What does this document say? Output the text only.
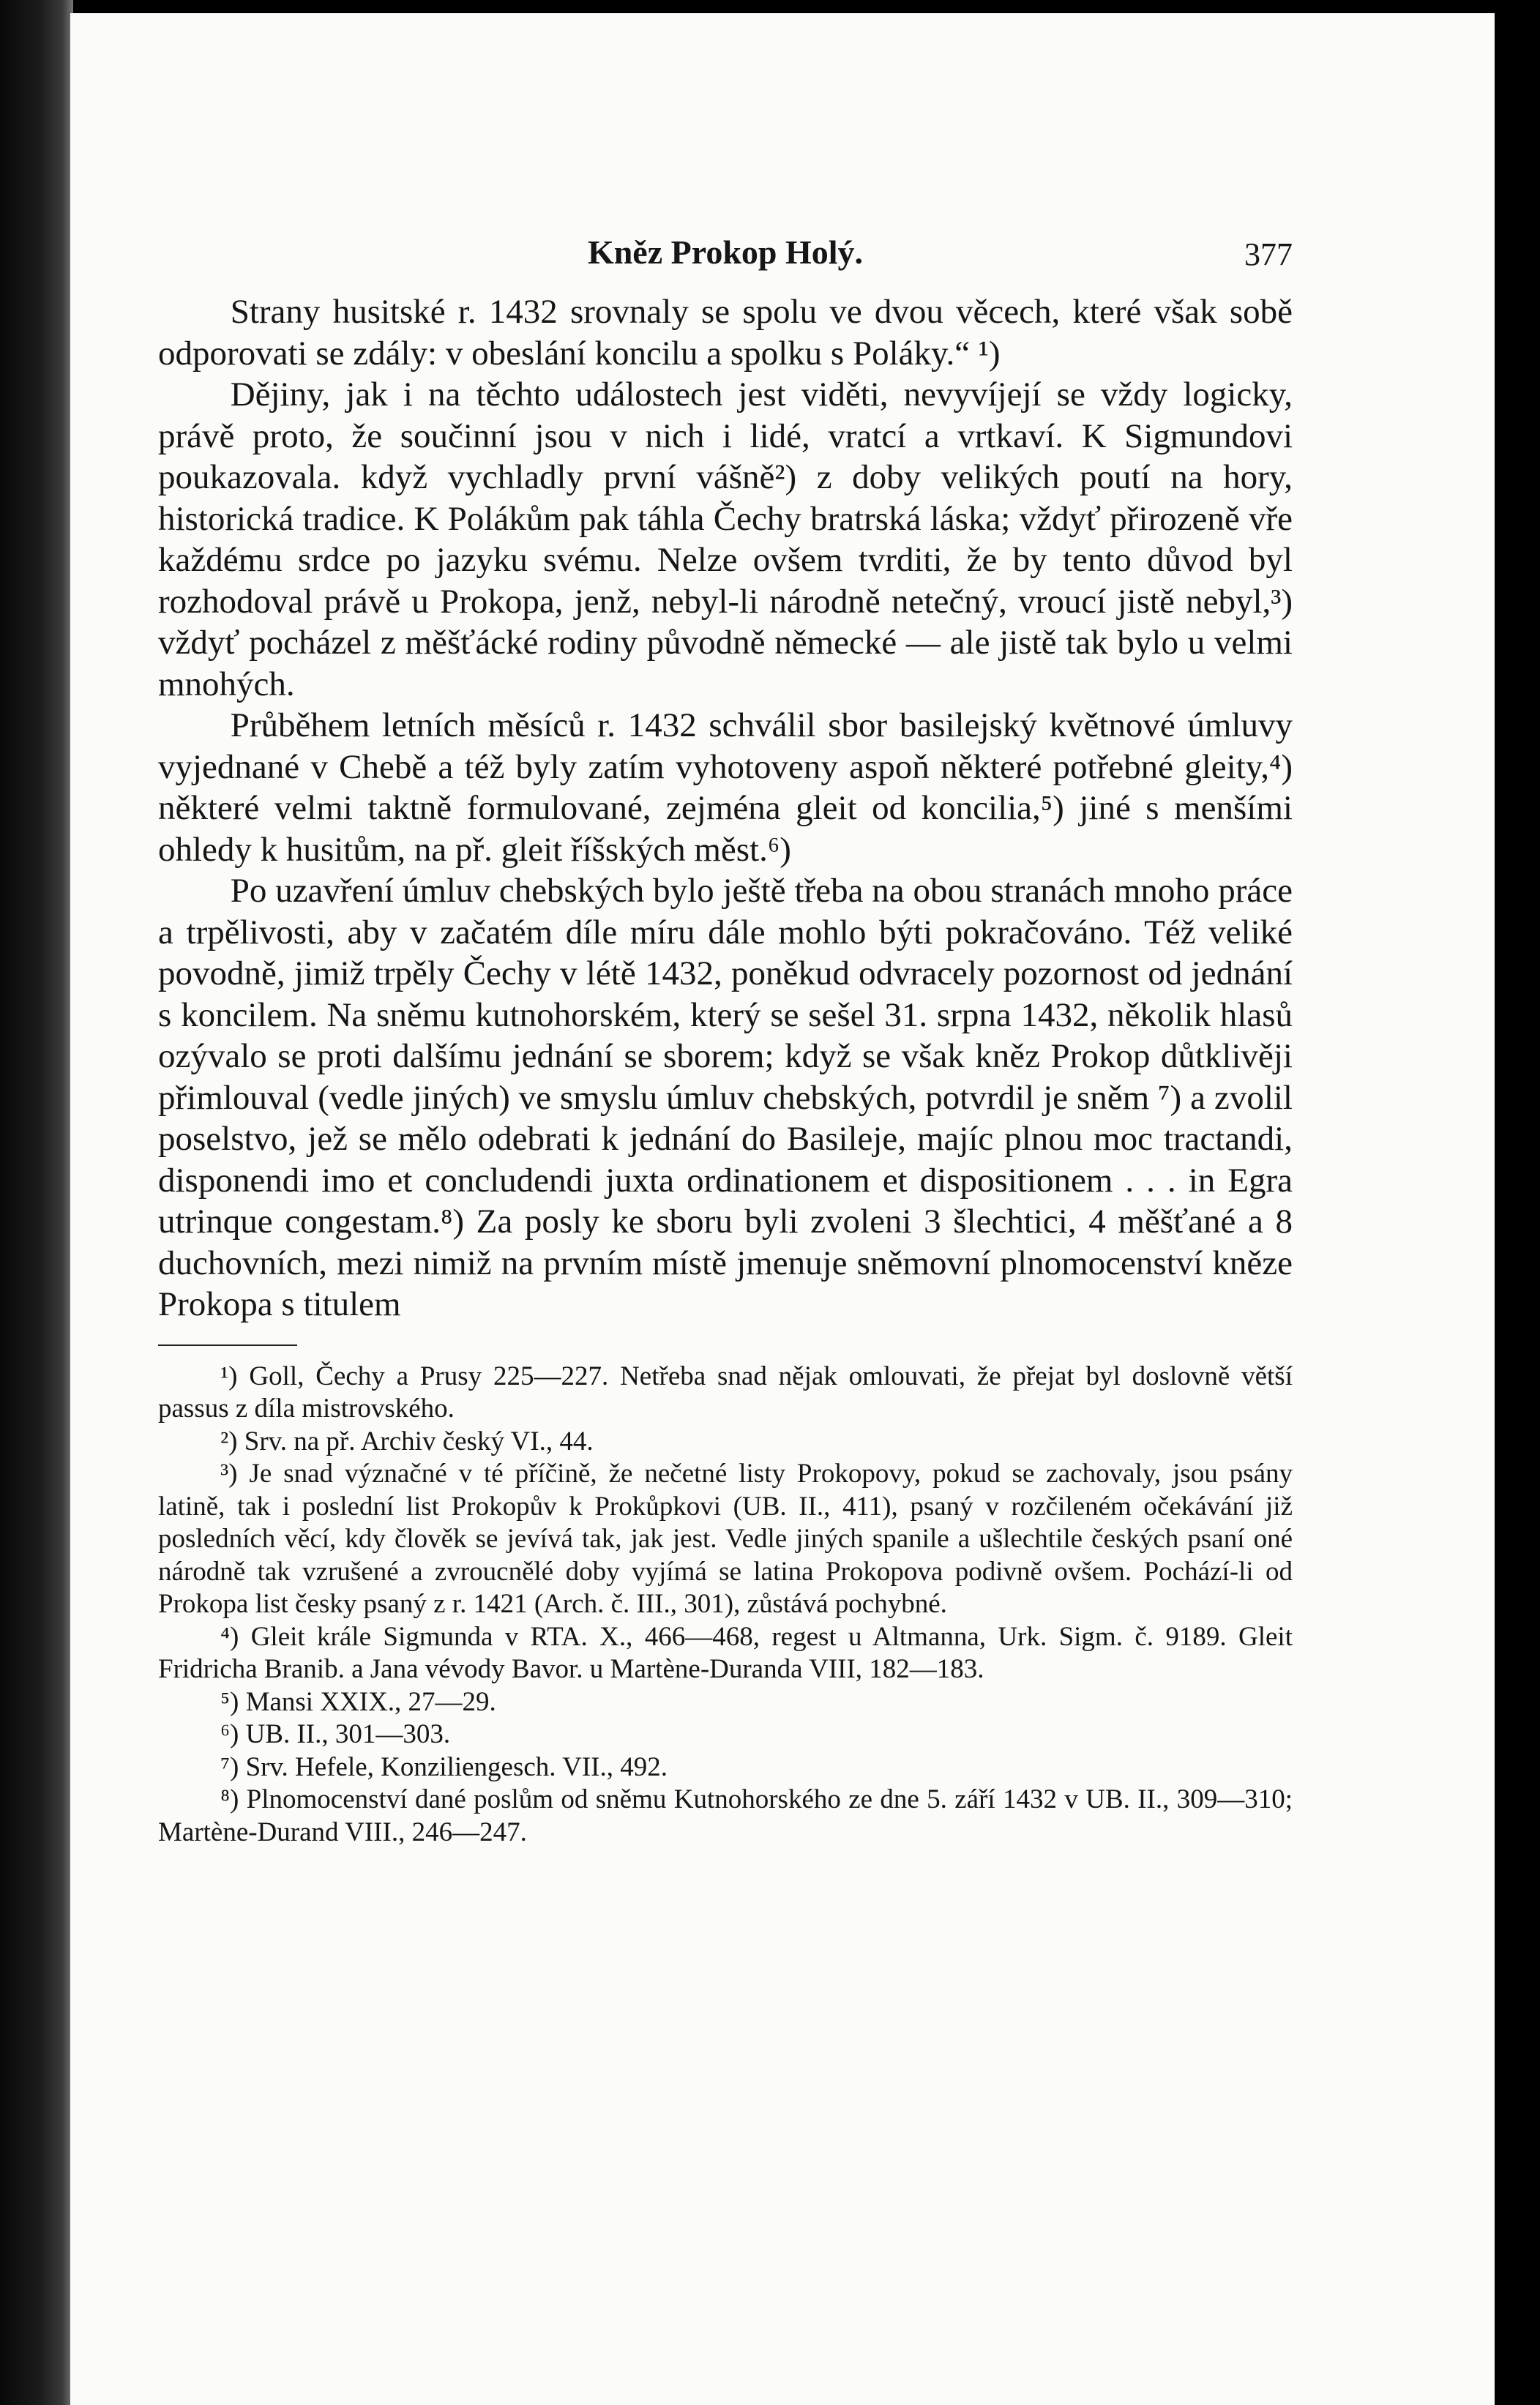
Kněz Prokop Holý.	377

Strany husitské r. 1432 srovnaly se spolu ve dvou věcech, které však sobě odporovati se zdály: v obeslání koncilu a spolku s Poláky.“ ¹)

Dějiny, jak i na těchto událostech jest viděti, nevyvíjejí se vždy logicky, právě proto, že součinní jsou v nich i lidé, vratcí a vrtkaví. K Sigmundovi poukazovala. když vychladly první vášně²) z doby velikých poutí na hory, historická tradice. K Polákům pak táhla Čechy bratrská láska; vždyť přirozeně vře každému srdce po jazyku svému. Nelze ovšem tvrditi, že by tento důvod byl rozhodoval právě u Prokopa, jenž, nebyl-li národně netečný, vroucí jistě nebyl,³) vždyť pocházel z měšťácké rodiny původně německé — ale jistě tak bylo u velmi mnohých.

Průběhem letních měsíců r. 1432 schválil sbor basilejský květnové úmluvy vyjednané v Chebě a též byly zatím vyhotoveny aspoň některé potřebné gleity,⁴) některé velmi taktně formulované, zejména gleit od koncilia,⁵) jiné s menšími ohledy k husitům, na př. gleit říšských měst.⁶)

Po uzavření úmluv chebských bylo ještě třeba na obou stranách mnoho práce a trpělivosti, aby v začatém díle míru dále mohlo býti pokračováno. Též veliké povodně, jimiž trpěly Čechy v létě 1432, poněkud odvracely pozornost od jednání s koncilem. Na sněmu kutnohorském, který se sešel 31. srpna 1432, několik hlasů ozývalo se proti dalšímu jednání se sborem; když se však kněz Prokop důtklivěji přimlouval (vedle jiných) ve smyslu úmluv chebských, potvrdil je sněm ⁷) a zvolil poselstvo, jež se mělo odebrati k jednání do Basileje, majíc plnou moc tractandi, disponendi imo et concludendi juxta ordinationem et dispositionem . . . in Egra utrinque congestam.⁸) Za posly ke sboru byli zvoleni 3 šlechtici, 4 měšťané a 8 duchovních, mezi nimiž na prvním místě jmenuje sněmovní plnomocenství kněze Prokopa s titulem

¹) Goll, Čechy a Prusy 225—227. Netřeba snad nějak omlouvati, že přejat byl doslovně větší passus z díla mistrovského.

²) Srv. na př. Archiv český VI., 44.

³) Je snad význačné v té příčině, že nečetné listy Prokopovy, pokud se zachovaly, jsou psány latině, tak i poslední list Prokopův k Prokůpkovi (UB. II., 411), psaný v rozčileném očekávání již posledních věcí, kdy člověk se jevívá tak, jak jest. Vedle jiných spanile a ušlechtile českých psaní oné národně tak vzrušené a zvroucnělé doby vyjímá se latina Prokopova podivně ovšem. Pochází-li od Prokopa list česky psaný z r. 1421 (Arch. č. III., 301), zůstává pochybné.

⁴) Gleit krále Sigmunda v RTA. X., 466—468, regest u Altmanna, Urk. Sigm. č. 9189. Gleit Fridricha Branib. a Jana vévody Bavor. u Martène-Duranda VIII, 182—183.

⁵) Mansi XXIX., 27—29.

⁶) UB. II., 301—303.

⁷) Srv. Hefele, Konziliengesch. VII., 492.

⁸) Plnomocenství dané poslům od sněmu Kutnohorského ze dne 5. září 1432 v UB. II., 309—310; Martène-Durand VIII., 246—247.
